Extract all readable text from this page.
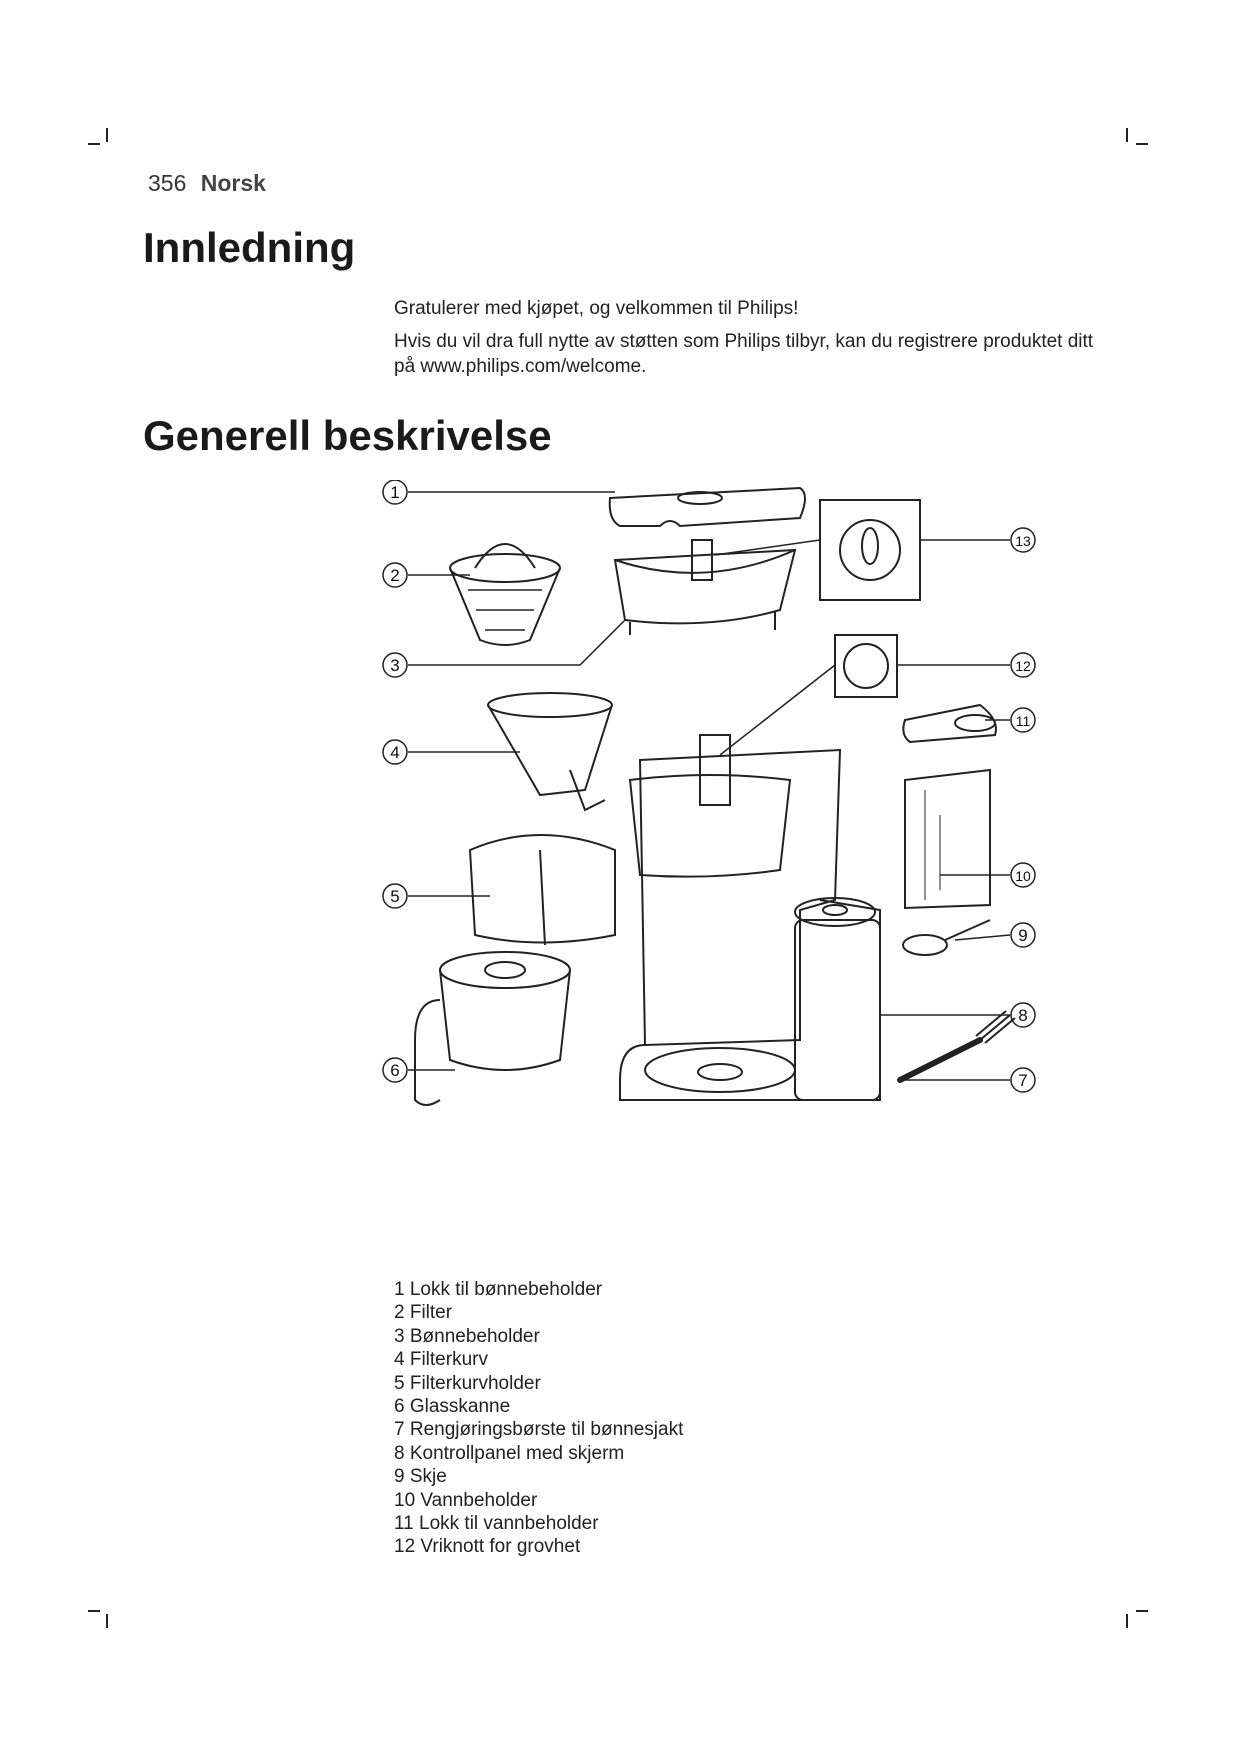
356 Norsk
Innledning

Gratulerer med kjøpet, og velkommen til Philips!

Hvis du vil dra full nytte av støtten som Philips tilbyr, kan du registrere produktet ditt på www.philips.com/welcome.

Generell beskrivelse
1
2
3
4
5
6
7
8
9
10
11
12
13
1 Lokk til bønnebeholder
2 Filter
3 Bønnebeholder
4 Filterkurv
5 Filterkurvholder
6 Glasskanne
7 Rengjøringsbørste til bønnesjakt
8 Kontrollpanel med skjerm
9 Skje
10 Vannbeholder
11 Lokk til vannbeholder
12 Vriknott for grovhet
